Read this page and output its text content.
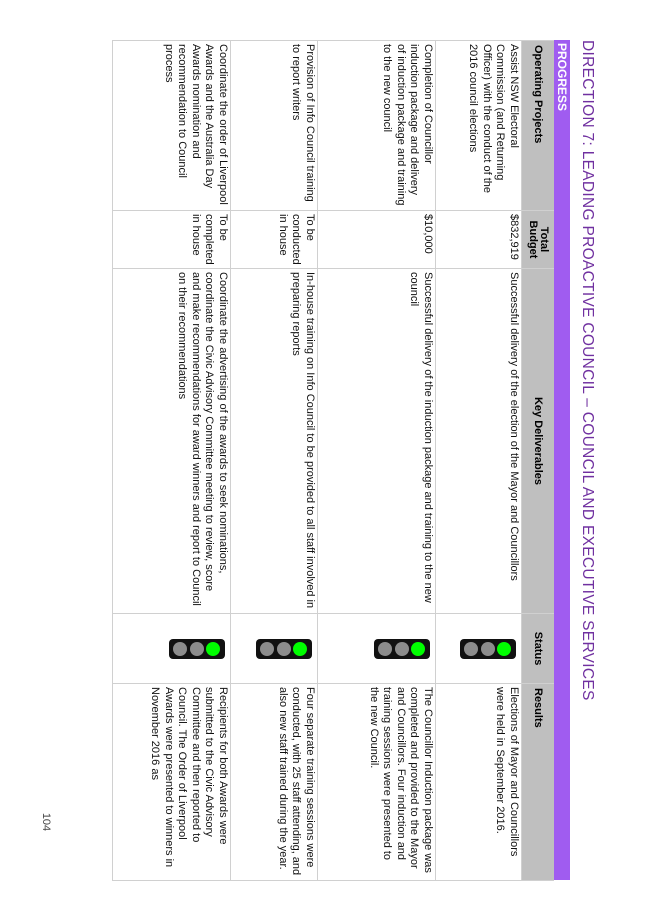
104
DIRECTION 7: LEADING PROACTIVE COUNCIL – COUNCIL AND EXECUTIVE SERVICES
PROGRESS
Operating Projects	Total Budget	Key Deliverables	Status	Results
Assist NSW Electoral Commission (and Returning Officer) with the conduct of the 2016 council elections	$832,919	Successful delivery of the election of the Mayor and Councillors		Elections of Mayor and Councillors were held in September 2016.
Completion of Councillor induction package and delivery of induction package and training to the new council	$10,000	Successful delivery of the induction package and training to the new council		The Councillor Induction package was completed and provided to the Mayor and Councillors. Four induction and training sessions were presented to the new Council.
Provision of Info Council training to report writers	To be conducted in house	In-house training on Info Council to be provided to all staff involved in preparing reports		Four separate training sessions were conducted, with 25 staff attending, and also new staff trained during the year.
Coordinate the order of Liverpool Awards and the Australia Day Awards nomination and recommendation to Council process	To be completed in house	Coordinate the advertising of the awards to seek nominations, coordinate the Civic Advisory Committee meeting to review, score and make recommendations for award winners and report to Council on their recommendations		Recipients for both Awards were submitted to the Civic Advisory Committee and then reported to Council. The Order of Liverpool Awards were presented to winners in November 2016 as
